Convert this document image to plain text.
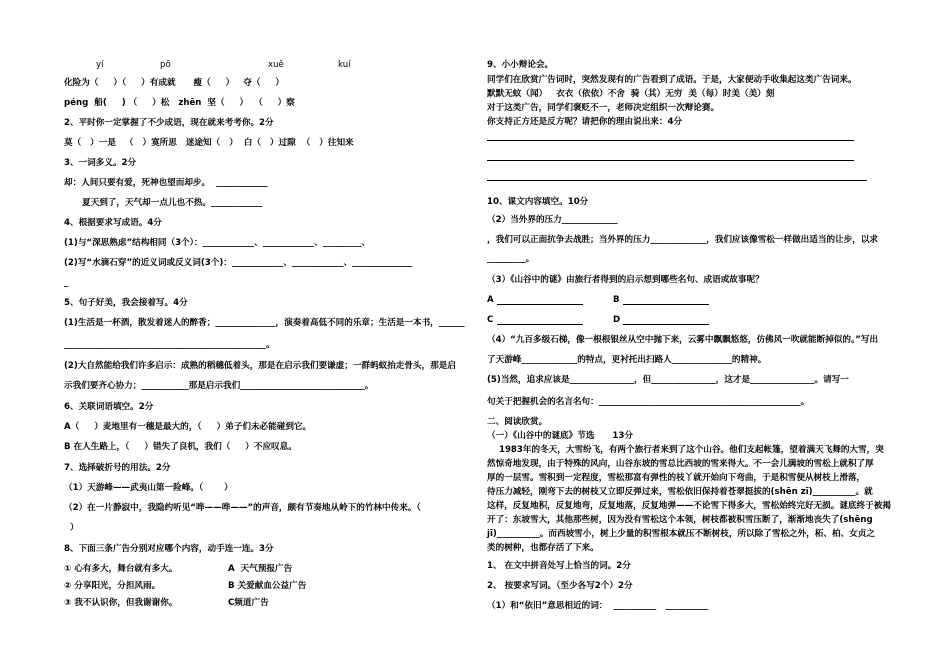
yí	pō	xuě	kuí
化险为（     ）（     ）有成就      瘦（     ）   夺（     ）
péng  船(     ) （     ）松   zhēn  坚（     ）  （     ）察
2、平时你一定掌握了不少成语，现在就来考考你。2分
莫（   ）一是   （   ）寞所思   迷途知（   ）  白（   ）过隙  （   ）往知来
3、一词多义。2分
却：人间只要有爱，死神也望而却步。  ____________
夏天到了，天气却一点儿也不热。____________
4、根据要求写成语。4分
(1)与“深思熟虑”结构相同（3个）：____________、____________、_________、
(2)写“水滴石穿”的近义词或反义词(3个)：____________、____________、______________
_
5、句子好美，我会接着写。4分
(1)生活是一杯酒，散发着迷人的醉香；______________，演奏着高低不同的乐章；生活是一本书，______
_______________________________________________。
(2)大自然能给我们许多启示：成熟的稻穗低着头，那是在启示我们要谦虚；一群蚂蚁抬走骨头，那是启
示我们要齐心协力；___________那是启示我们_____________________________。
6、关联词语填空。2分
A（     ）麦地里有一穗是最大的，（     ）弟子们未必能碰到它。
B 在人生路上，（     ）错失了良机，我们（     ）不应叹息。
7、选择破折号的用法。2分
（1）天游峰——武夷山第一险峰。（       ）
（2）在一片静寂中，我隐约听见“哗——哗——”的声音，颇有节奏地从岭下的竹林中传来。（
）
8、下面三条广告分别对应哪个内容，动手连一连。3分
① 心有多大，舞台就有多大。	A  天气预报广告
② 分享阳光，分担风雨。	B 关爱献血公益广告
③ 我不认识你，但我谢谢你。	C频道广告
9、小小辩论会。
同学们在欣赏广告词时，突然发现有的广告看到了成语。于是，大家便动手收集起这类广告词来。
默默无蚊（闻）   衣衣（依依）不舍  骑（其）无穷  美（每）时美（美）刻
对于这类广告，同学们褒贬不一，老师决定组织一次辩论赛。
你支持正方还是反方呢？请把你的理由说出来：4分
10、课文内容填空。10分
（2）当外界的压力_____________
，我们可以正面抗争去战胜；当外界的压力_____________，我们应该像雪松一样做出适当的让步，以求
_________。
（3）《山谷中的谜》由旅行者得到的启示想到哪些名句、成语或故事呢？
A	B
C	D
（4）“九百多级石梯，像一根根银丝从空中抛下来，云雾中飘飘悠悠，仿佛风一吹就能断掉似的。”写出
了天游峰_____________的特点，更衬托出扫路人______________的精神。
(5)当然，追求应该是_______________，但_______________，这才是_______________。请写一
句关于把握机会的名言名句：_______________________________________________。
二、阅读欣赏。
（一）《山谷中的谜底》节选      13分
1983年的冬天，大雪纷飞，有两个旅行者来到了这个山谷。他们支起帐篷，望着满天飞舞的大雪，突
然惊奇地发现，由于特殊的风向，山谷东坡的雪总比西坡的雪来得大。不一会儿满坡的雪松上就积了厚
厚的一层雪。雪积到一定程度，雪松那富有弹性的枝丫就开始向下弯曲，于是积雪便从树枝上滑落，
待压力减轻，刚弯下去的树枝又立即反弹过来，雪松依旧保持着苍翠挺拔的(shēn zī)__________。就
这样，反复地积，反复地弯，反复地落，反复地弹——不论雪下得多大，雪松始终完好无损。谜底终于被揭
开了：东坡雪大，其他那些树，因为没有雪松这个本领，树枝都被积雪压断了，渐渐地丧失了(shēng
jī)__________。而西坡雪小，树上少量的积雪根本就压不断树枝，所以除了雪松之外，柘、柏、女贞之
类的树种，也都存活了下来。
1、 在文中拼音处写上恰当的词。2分
2、 按要求写词。（至少各写2个）2分
（1）和“依旧”意思相近的词：  __________   __________
